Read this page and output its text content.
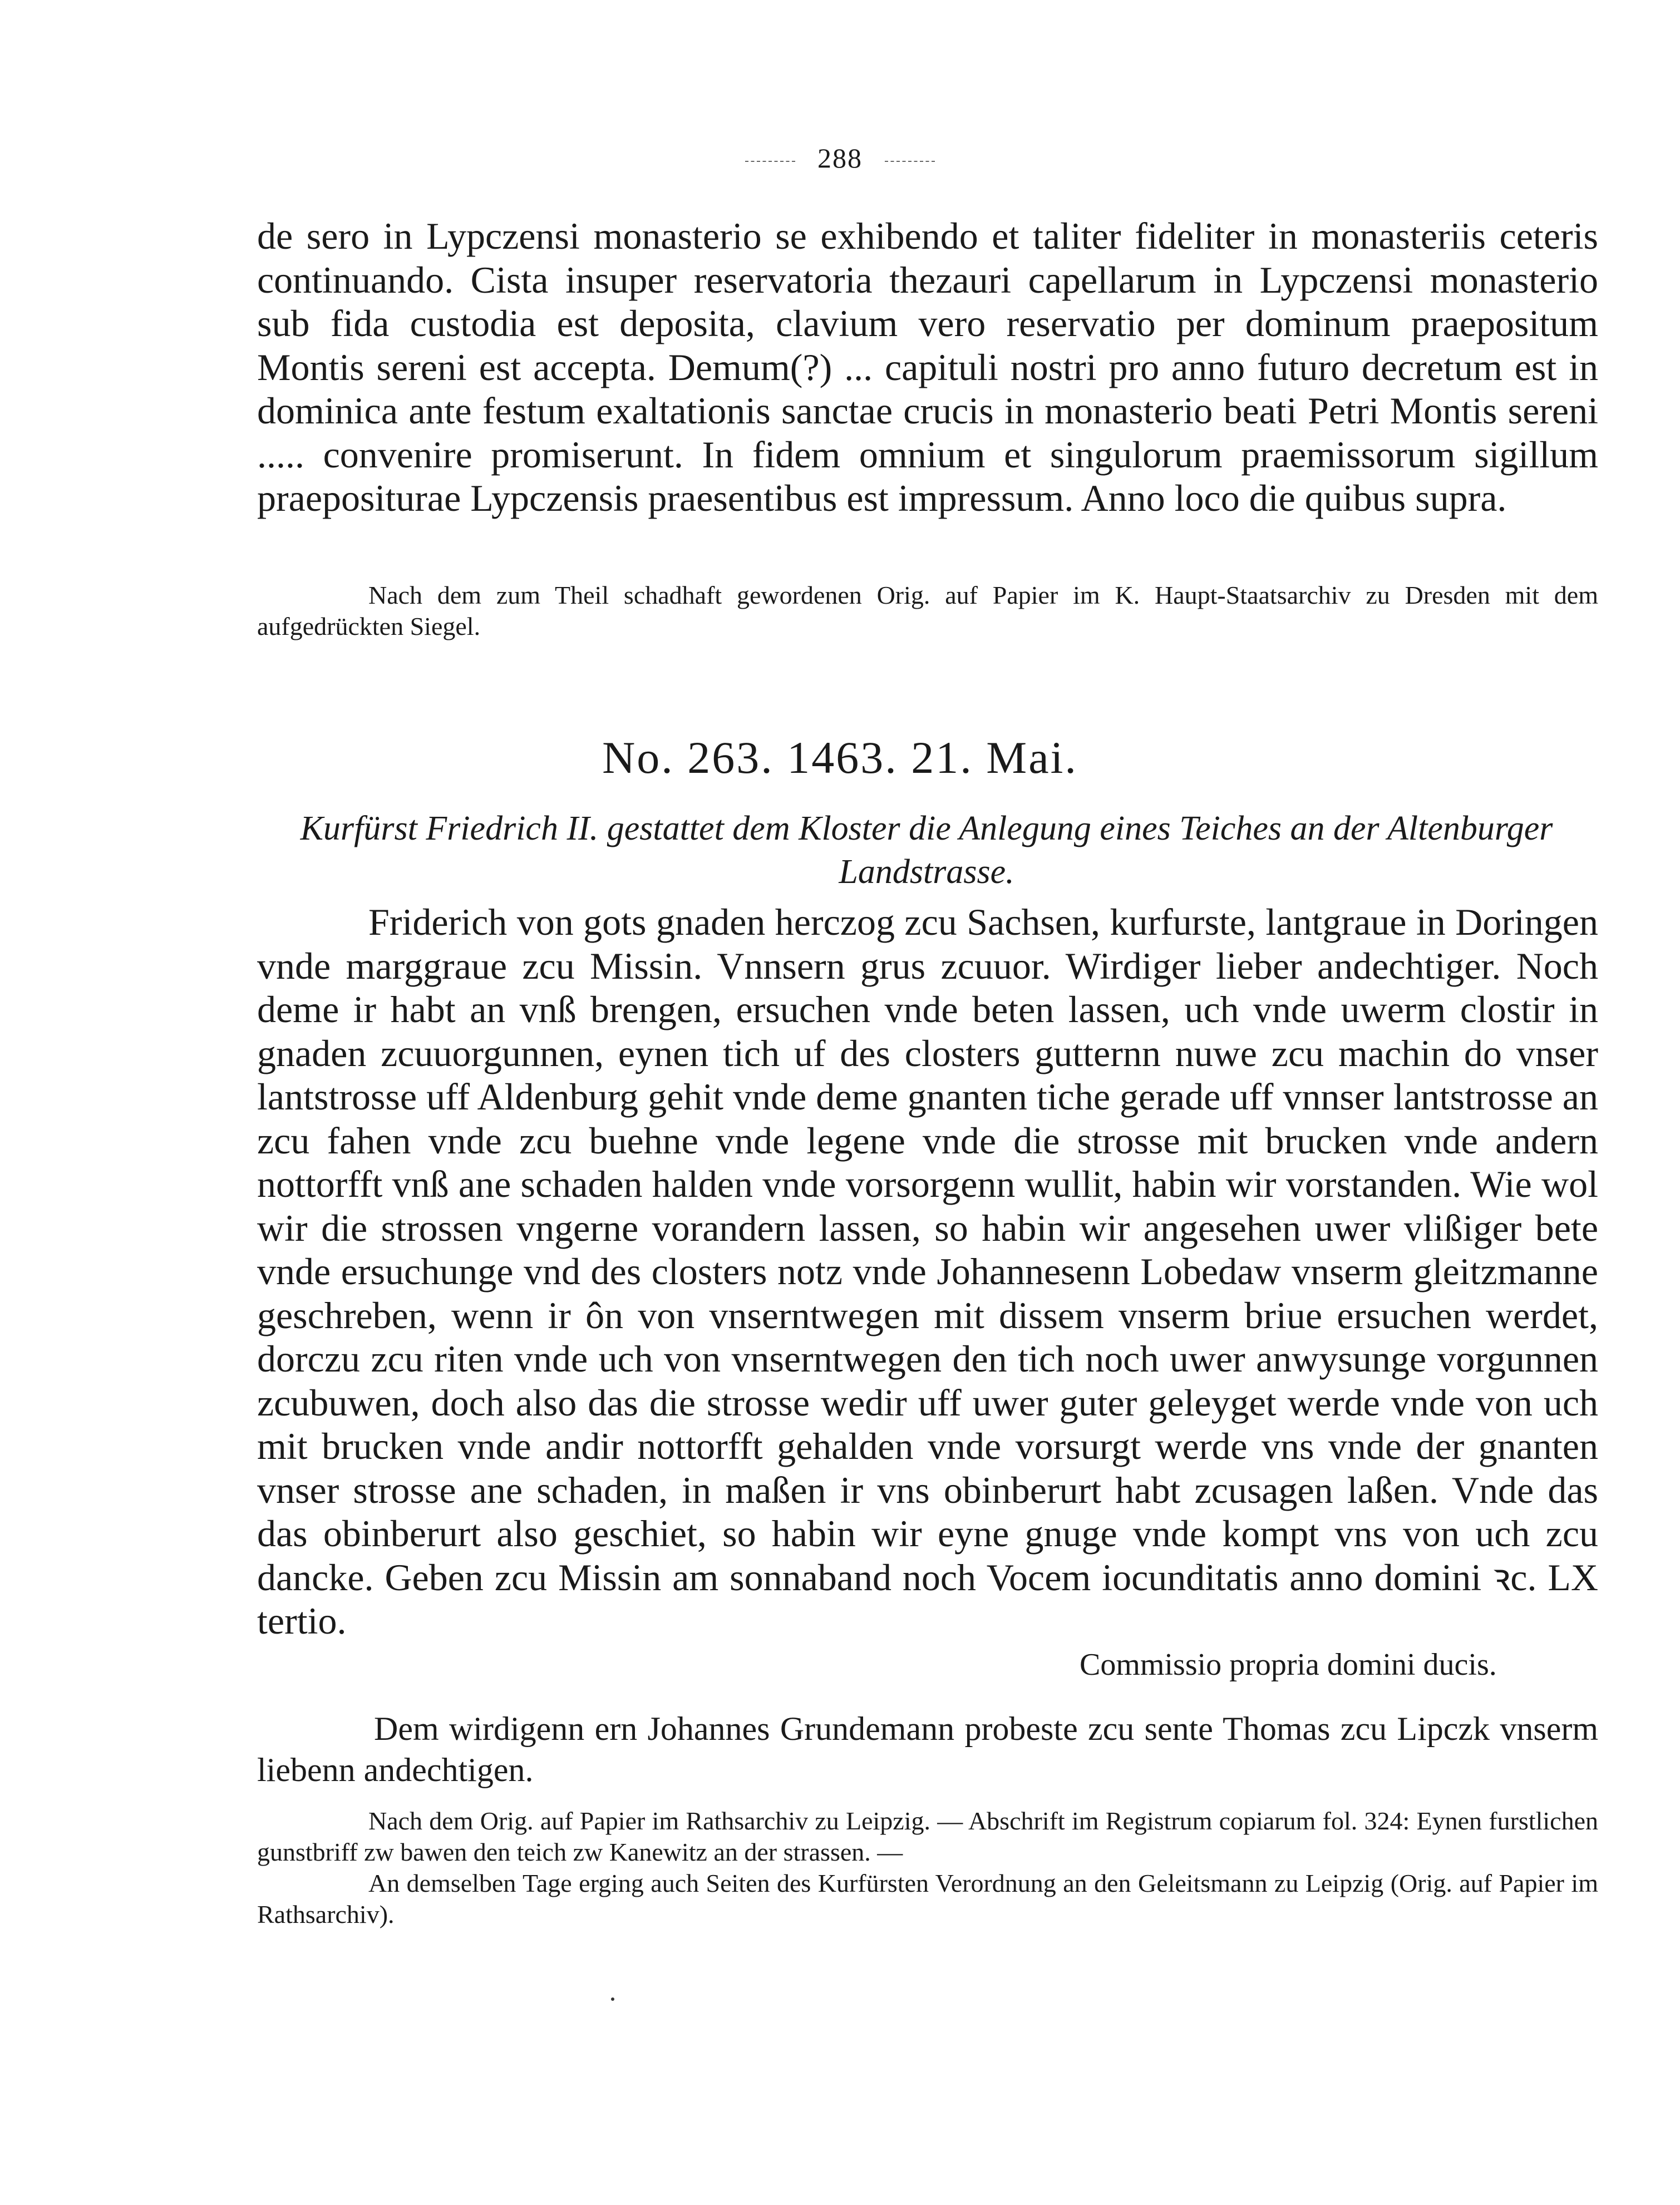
288

de sero in Lypczensi monasterio se exhibendo et taliter fideliter in monasteriis ceteris continuando. Cista insuper reservatoria thezauri capellarum in Lypczensi monasterio sub fida custodia est deposita, clavium vero reservatio per dominum praepositum Montis sereni est accepta. Demum(?) ... capituli nostri pro anno futuro decretum est in dominica ante festum exaltationis sanctae crucis in monasterio beati Petri Montis sereni ..... convenire promiserunt. In fidem omnium et singulorum praemissorum sigillum praepositurae Lypczensis praesentibus est impressum. Anno loco die quibus supra.

Nach dem zum Theil schadhaft gewordenen Orig. auf Papier im K. Haupt-Staatsarchiv zu Dresden mit dem aufgedrückten Siegel.

No. 263. 1463. 21. Mai.
Kurfürst Friedrich II. gestattet dem Kloster die Anlegung eines Teiches an der Altenburger Landstrasse.

Friderich von gots gnaden herczog zcu Sachsen, kurfurste, lantgraue in Doringen vnde marggraue zcu Missin. Vnnsern grus zcuuor. Wirdiger lieber andechtiger. Noch deme ir habt an vnß brengen, ersuchen vnde beten lassen, uch vnde uwerm clostir in gnaden zcuuorgunnen, eynen tich uf des closters gutternn nuwe zcu machin do vnser lantstrosse uff Aldenburg gehit vnde deme gnanten tiche gerade uff vnnser lantstrosse an zcu fahen vnde zcu buehne vnde legene vnde die strosse mit brucken vnde andern nottorfft vnß ane schaden halden vnde vorsorgenn wullit, habin wir vorstanden. Wie wol wir die strossen vngerne vorandern lassen, so habin wir angesehen uwer vlißiger bete vnde ersuchunge vnd des closters notz vnde Johannesenn Lobedaw vnserm gleitzmanne geschreben, wenn ir ôn von vnserntwegen mit dissem vnserm briue ersuchen werdet, dorczu zcu riten vnde uch von vnserntwegen den tich noch uwer anwysunge vorgunnen zcubuwen, doch also das die strosse wedir uff uwer guter geleyget werde vnde von uch mit brucken vnde andir nottorfft gehalden vnde vorsurgt werde vns vnde der gnanten vnser strosse ane schaden, in maßen ir vns obinberurt habt zcusagen laßen. Vnde das das obinberurt also geschiet, so habin wir eyne gnuge vnde kompt vns von uch zcu dancke. Geben zcu Missin am sonnaband noch Vocem iocunditatis anno domini ꝛc. LX tertio.

Commissio propria domini ducis.

Dem wirdigenn ern Johannes Grundemann probeste zcu sente Thomas zcu Lipczk vnserm liebenn andechtigen.

Nach dem Orig. auf Papier im Rathsarchiv zu Leipzig. — Abschrift im Registrum copiarum fol. 324: Eynen furstlichen gunstbriff zw bawen den teich zw Kanewitz an der strassen. —

An demselben Tage erging auch Seiten des Kurfürsten Verordnung an den Geleitsmann zu Leipzig (Orig. auf Papier im Rathsarchiv).
